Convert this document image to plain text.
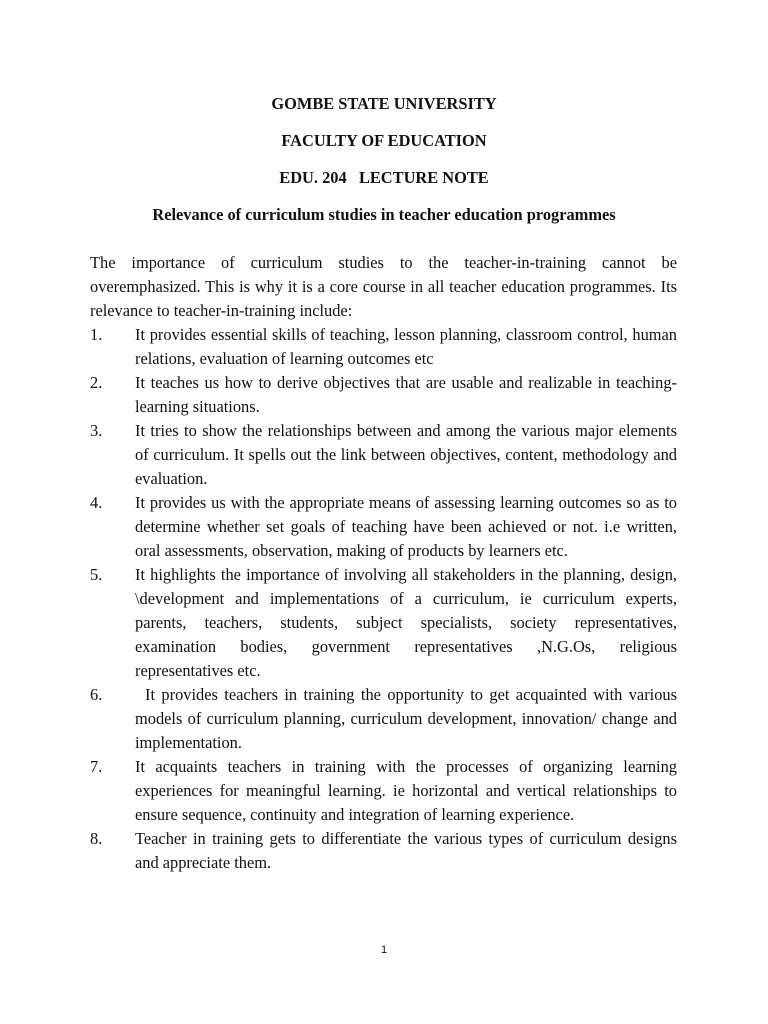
GOMBE STATE UNIVERSITY
FACULTY OF EDUCATION
EDU. 204   LECTURE NOTE
Relevance of curriculum studies in teacher education programmes

The importance of curriculum studies to the teacher-in-training cannot be overemphasized. This is why it is a core course in all teacher education programmes. Its relevance to teacher-in-training include:

1.	It provides essential skills of teaching, lesson planning, classroom control, human relations, evaluation of learning outcomes etc
2.	It teaches us how to derive objectives that are usable and realizable in teaching-learning situations.
3.	It tries to show the relationships between and among the various major elements of curriculum. It spells out the link between objectives, content, methodology and evaluation.
4.	It provides us with the appropriate means of assessing learning outcomes so as to determine whether set goals of teaching have been achieved or not. i.e written, oral assessments, observation, making of products by learners etc.
5.	It highlights the importance of involving all stakeholders in the planning, design, \development and implementations of a curriculum, ie curriculum experts, parents, teachers, students, subject specialists, society representatives, examination bodies, government representatives ,N.G.Os, religious representatives etc.
6.	It provides teachers in training the opportunity to get acquainted with various models of curriculum planning, curriculum development, innovation/ change and implementation.
7.	It acquaints teachers in training with the processes of organizing learning experiences for meaningful learning. ie horizontal and vertical relationships to ensure sequence, continuity and integration of learning experience.
8.	Teacher in training gets to differentiate the various types of curriculum designs and appreciate them.
1
